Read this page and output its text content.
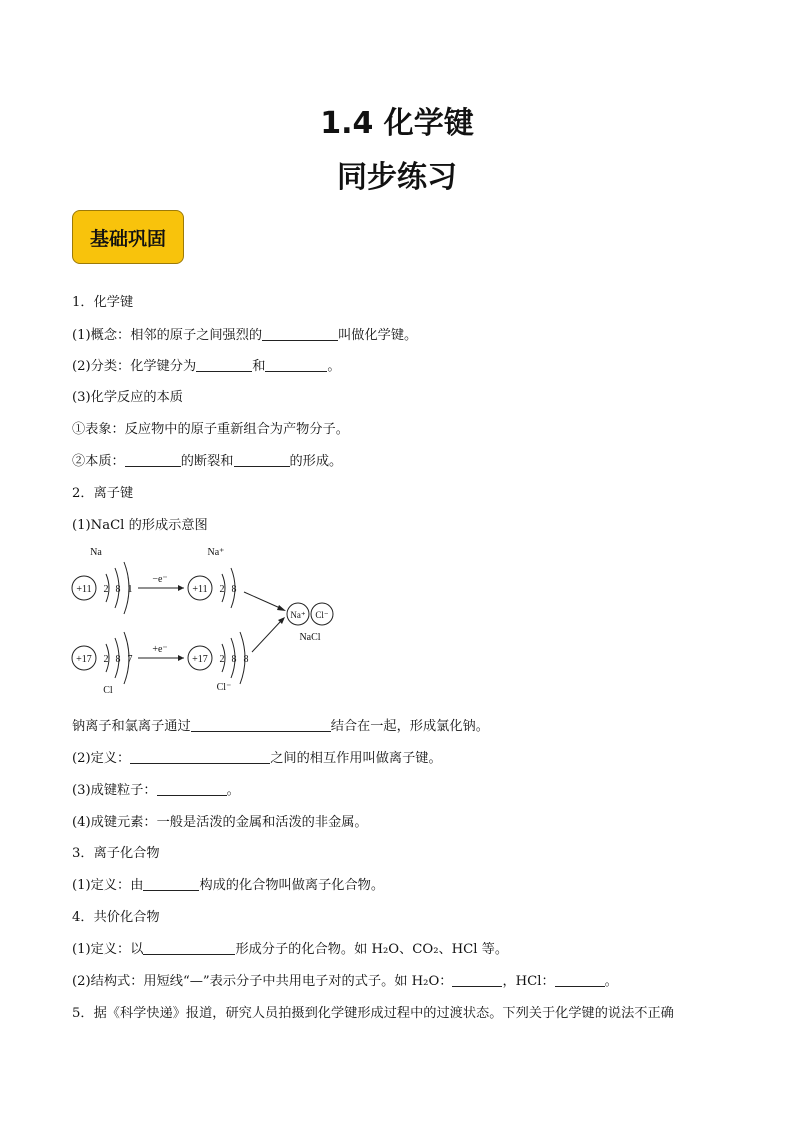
1.4 化学键
同步练习
基础巩固
1．化学键
(1)概念：相邻的原子之间强烈的	叫做化学键。
(2)分类：化学键分为	和	。
(3)化学反应的本质
①表象：反应物中的原子重新组合为产物分子。
②本质：	的断裂和	的形成。
2．离子键
(1)NaCl 的形成示意图
Na
+11 2 8 1
−e⁻
Na⁺
+11 2 8
Na⁺ Cl⁻
NaCl
+17 2 8 7
+e⁻
Cl
+17 2 8 8
Cl⁻
钠离子和氯离子通过	结合在一起，形成氯化钠。
(2)定义：	之间的相互作用叫做离子键。
(3)成键粒子：	。
(4)成键元素：一般是活泼的金属和活泼的非金属。
3．离子化合物
(1)定义：由	构成的化合物叫做离子化合物。
4．共价化合物
(1)定义：以	形成分子的化合物。如 H₂O、CO₂、HCl 等。
(2)结构式：用短线“—”表示分子中共用电子对的式子。如 H₂O：	，HCl：	。
5．据《科学快递》报道，研究人员拍摄到化学键形成过程中的过渡状态。下列关于化学键的说法不正确
